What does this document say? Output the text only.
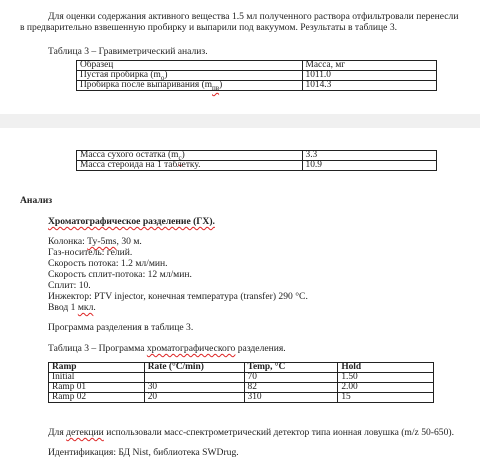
Для оценки содержания активного вещества 1.5 мл полученного раствора отфильтровали перенесли
в предварительно взвешенную пробирку и выпарили под вакуумом. Результаты в таблице 3.
Таблица 3 – Гравиметрический анализ.
Образец	Масса, мг
Пустая пробирка $(m_o)$	1011.0
Пробирка после выпаривания $(m_{пв})$	1014.3
Масса сухого остатка $(m_с)$	3.3
Масса стероида на 1 таблетку.	10.9
Анализ
Хроматографическое разделение (ГХ).
Колонка: Ту-5ms, 30 м.
Газ-носитель: гелий.
Скорость потока: 1.2 мл/мин.
Скорость сплит-потока: 12 мл/мин.
Сплит: 10.
Инжектор: PTV injector, конечная температура (transfer) 290 °С.
Ввод 1 мкл.
Программа разделения в таблице 3.
Таблица 3 – Программа хроматографического разделения.
Ramp	Rate (°C/min)	Temp, °C	Hold
Initial		70	1.50
Ramp 01	30	82	2.00
Ramp 02	20	310	15
Для детекции использовали масс-спектрометрический детектор типа ионная ловушка (m/z 50-650).
Идентификация: БД Nist, библиотека SWDrug.
